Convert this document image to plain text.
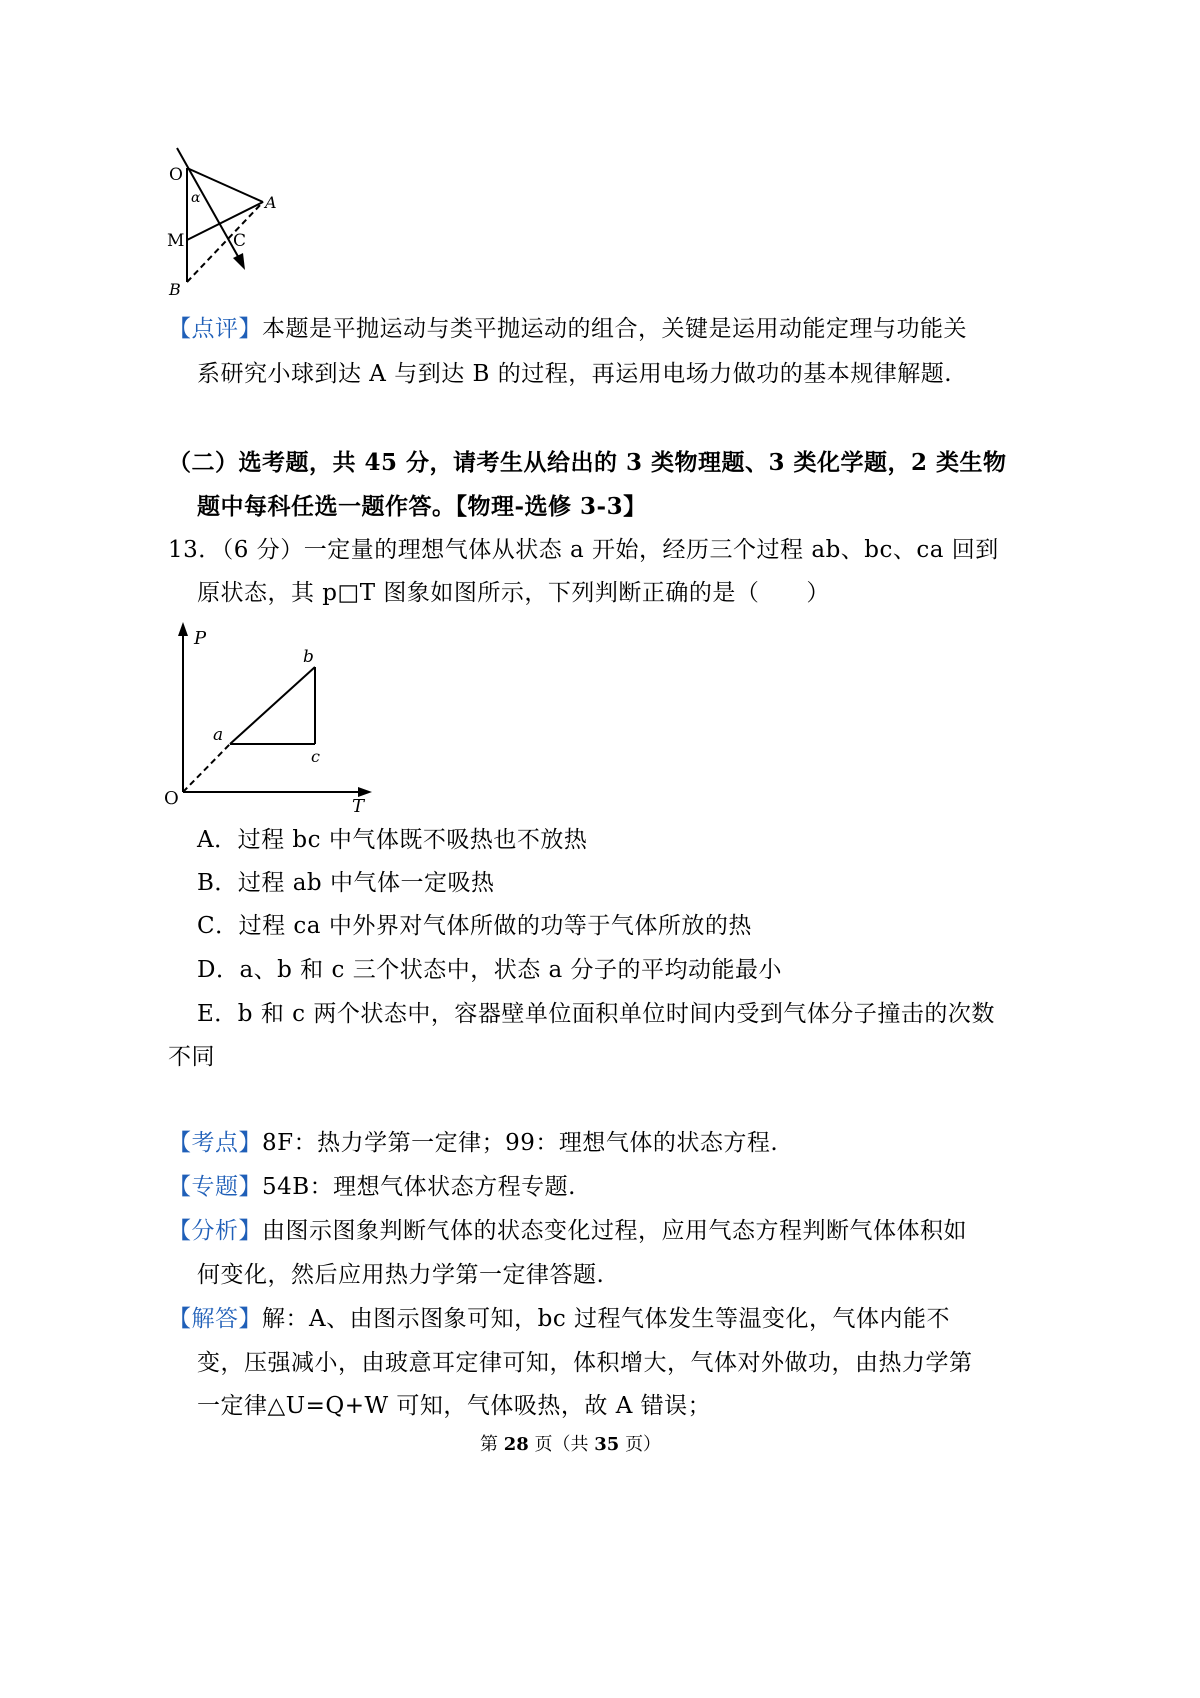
O
α	A
M	C
B
【点评】本题是平抛运动与类平抛运动的组合，关键是运用动能定理与功能关
系研究小球到达 A 与到达 B 的过程，再运用电场力做功的基本规律解题.
（二）选考题，共 45 分，请考生从给出的 3 类物理题、3 类化学题，2 类生物
题中每科任选一题作答。【物理-选修 3-3】
13．（6 分）一定量的理想气体从状态 a 开始，经历三个过程 ab、bc、ca 回到
原状态，其 p□T 图象如图所示，下列判断正确的是（　　）
P
b
a
c
O	T
A．过程 bc 中气体既不吸热也不放热
B．过程 ab 中气体一定吸热
C．过程 ca 中外界对气体所做的功等于气体所放的热
D．a、b 和 c 三个状态中，状态 a 分子的平均动能最小
E．b 和 c 两个状态中，容器壁单位面积单位时间内受到气体分子撞击的次数
不同
【考点】8F：热力学第一定律；99：理想气体的状态方程.
【专题】54B：理想气体状态方程专题.
【分析】由图示图象判断气体的状态变化过程，应用气态方程判断气体体积如
何变化，然后应用热力学第一定律答题.
【解答】解：A、由图示图象可知，bc 过程气体发生等温变化，气体内能不
变，压强减小，由玻意耳定律可知，体积增大，气体对外做功，由热力学第
一定律△U=Q+W 可知，气体吸热，故 A 错误；
第 28 页（共 35 页）
